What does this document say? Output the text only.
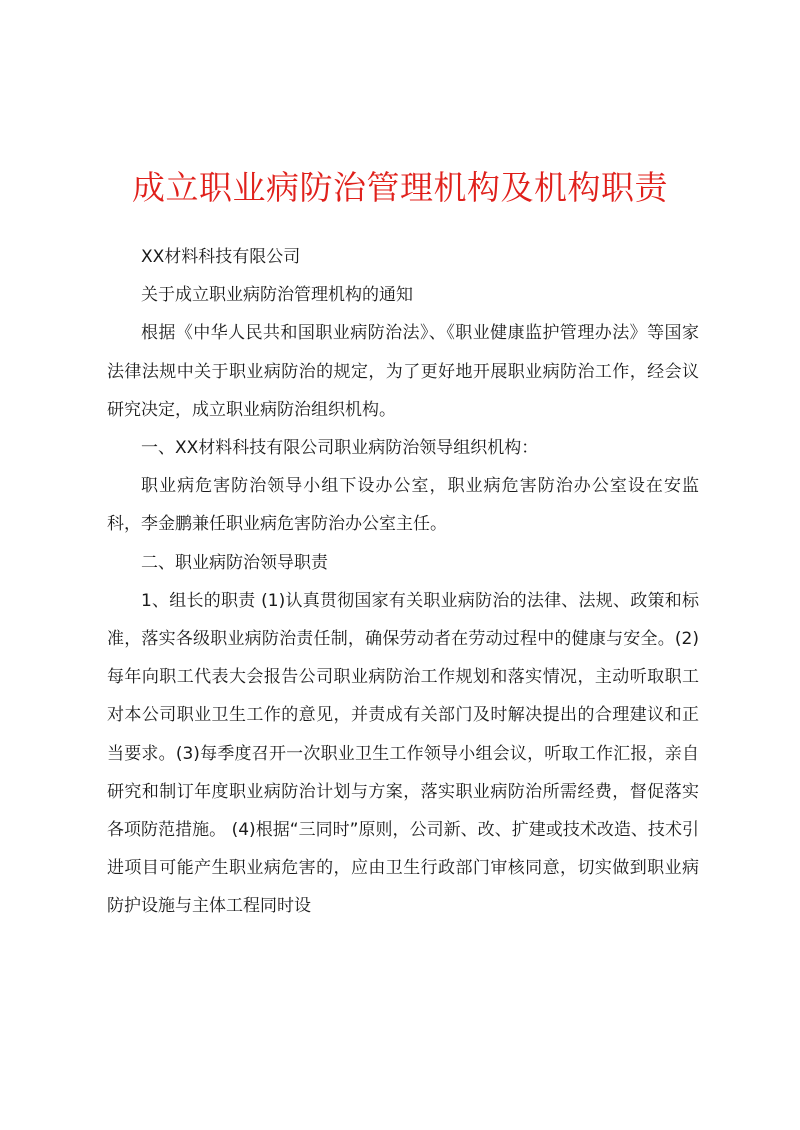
成立职业病防治管理机构及机构职责

XX材料科技有限公司

关于成立职业病防治管理机构的通知

根据《中华人民共和国职业病防治法》、《职业健康监护管理办法》等国家法律法规中关于职业病防治的规定，为了更好地开展职业病防治工作，经会议研究决定，成立职业病防治组织机构。

一、XX材料科技有限公司职业病防治领导组织机构：

职业病危害防治领导小组下设办公室，职业病危害防治办公室设在安监科，李金鹏兼任职业病危害防治办公室主任。

二、职业病防治领导职责

1、组长的职责 (1)认真贯彻国家有关职业病防治的法律、法规、政策和标准，落实各级职业病防治责任制，确保劳动者在劳动过程中的健康与安全。(2)每年向职工代表大会报告公司职业病防治工作规划和落实情况，主动听取职工对本公司职业卫生工作的意见，并责成有关部门及时解决提出的合理建议和正当要求。(3)每季度召开一次职业卫生工作领导小组会议，听取工作汇报，亲自研究和制订年度职业病防治计划与方案，落实职业病防治所需经费，督促落实各项防范措施。 (4)根据“三同时”原则，公司新、改、扩建或技术改造、技术引进项目可能产生职业病危害的，应由卫生行政部门审核同意，切实做到职业病防护设施与主体工程同时设
